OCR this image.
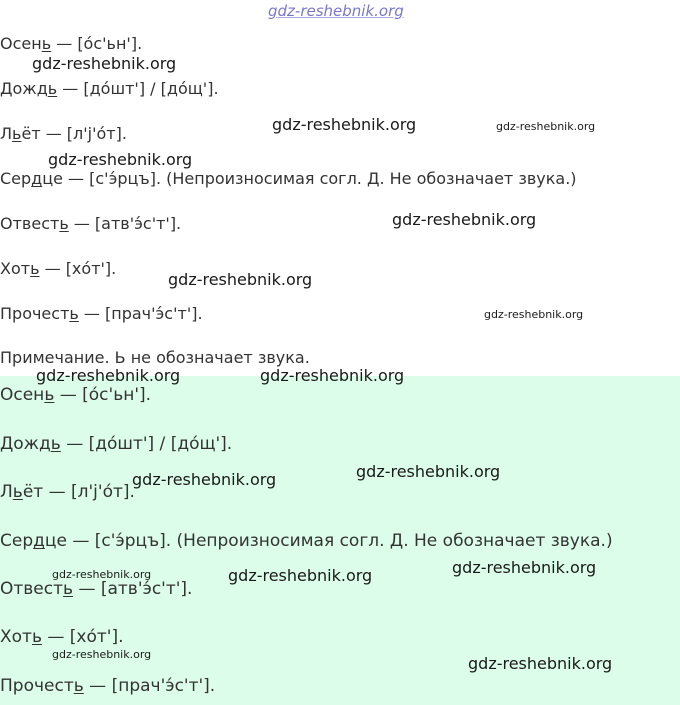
gdz-reshebnik.org
Осень — [о́с'ьн'].
Дождь — [до́шт'] / [до́щ'].
Льёт — [л'j'о́т].
Сердце — [с'э́рцъ]. (Непроизносимая согл. Д. Не обозначает звука.)
Отвесть — [атв'э́с'т'].
Хоть — [хо́т'].
Прочесть — [прач'э́с'т'].
Примечание. Ь не обозначает звука.
Осень — [о́с'ьн'].
Дождь — [до́шт'] / [до́щ'].
Льёт — [л'j'о́т].
Сердце — [с'э́рцъ]. (Непроизносимая согл. Д. Не обозначает звука.)
Отвесть — [атв'э́с'т'].
Хоть — [хо́т'].
Прочесть — [прач'э́с'т'].
gdz-reshebnik.org
gdz-reshebnik.org	gdz-reshebnik.org
gdz-reshebnik.org
gdz-reshebnik.org
gdz-reshebnik.org
gdz-reshebnik.org
gdz-reshebnik.org	gdz-reshebnik.org
gdz-reshebnik.org	gdz-reshebnik.org
gdz-reshebnik.org	gdz-reshebnik.org	gdz-reshebnik.org
gdz-reshebnik.org	gdz-reshebnik.org
